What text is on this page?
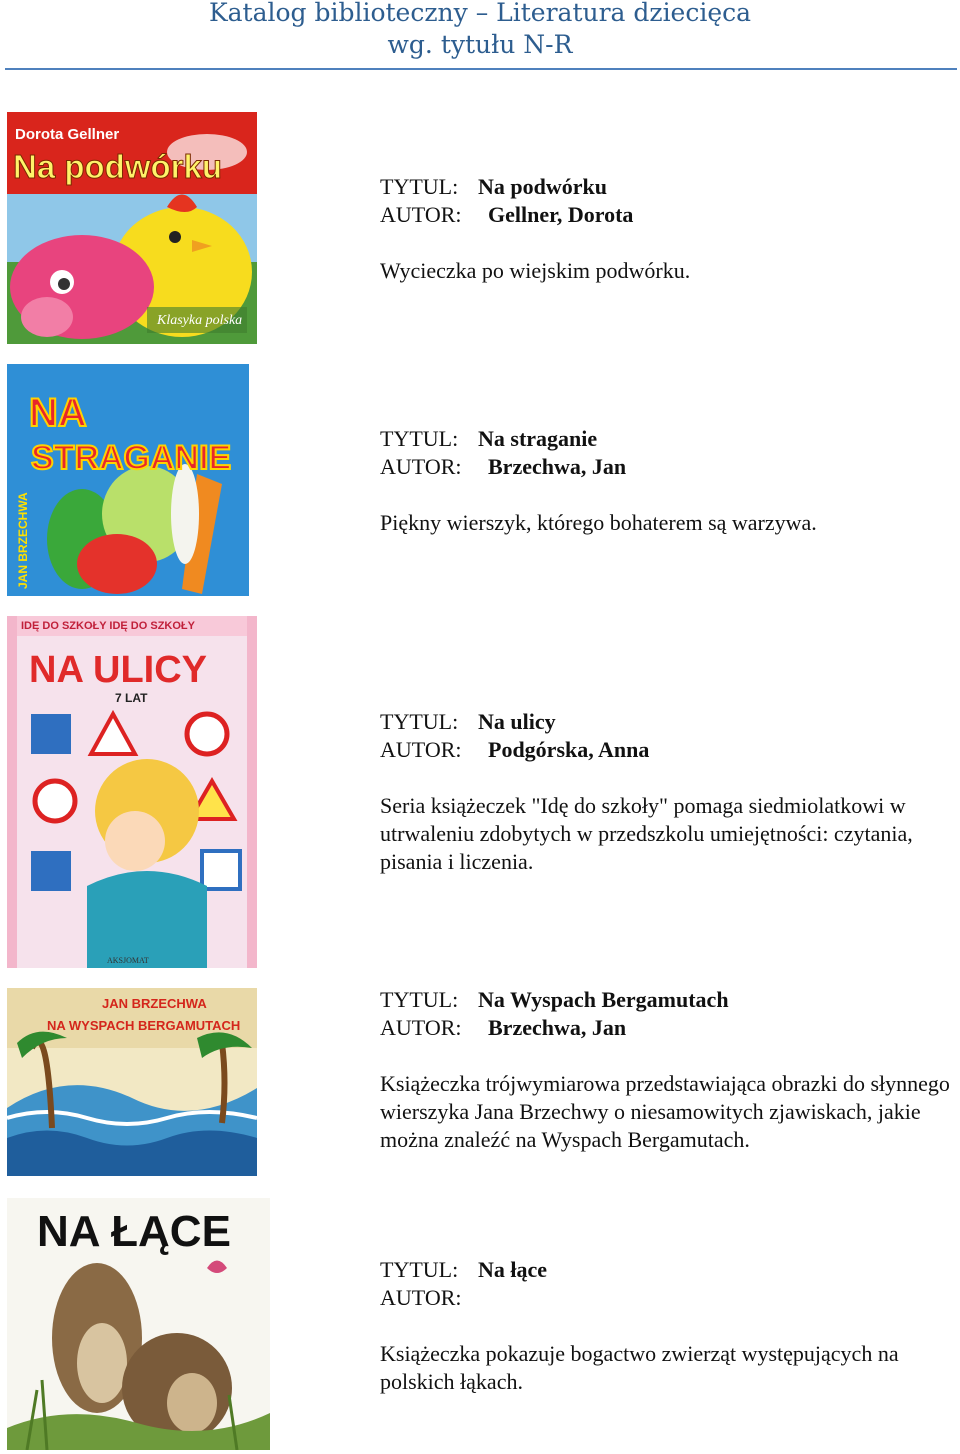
Katalog biblioteczny – Literatura dziecięca
wg. tytułu N-R
Dorota Gellner
Na podwórku
Klasyka polska
NA
STRAGANIE
JAN BRZECHWA
IDĘ DO SZKOŁY IDĘ DO SZKOŁY
NA ULICY
7 LAT
AKSJOMAT
JAN BRZECHWA
NA WYSPACH BERGAMUTACH
NA ŁĄCE
TYTUL: Na podwórku
AUTOR: Gellner, Dorota
Wycieczka po wiejskim podwórku.
TYTUL: Na straganie
AUTOR: Brzechwa, Jan
Piękny wierszyk, którego bohaterem są warzywa.
TYTUL: Na ulicy
AUTOR: Podgórska, Anna
Seria książeczek "Idę do szkoły" pomaga siedmiolatkowi w utrwaleniu zdobytych w przedszkolu umiejętności: czytania, pisania i liczenia.
TYTUL: Na Wyspach Bergamutach
AUTOR: Brzechwa, Jan
Książeczka trójwymiarowa przedstawiająca obrazki do słynnego wierszyka Jana Brzechwy o niesamowitych zjawiskach, jakie można znaleźć na Wyspach Bergamutach.
TYTUL: Na łące
AUTOR:
Książeczka pokazuje bogactwo zwierząt występujących na polskich łąkach.
